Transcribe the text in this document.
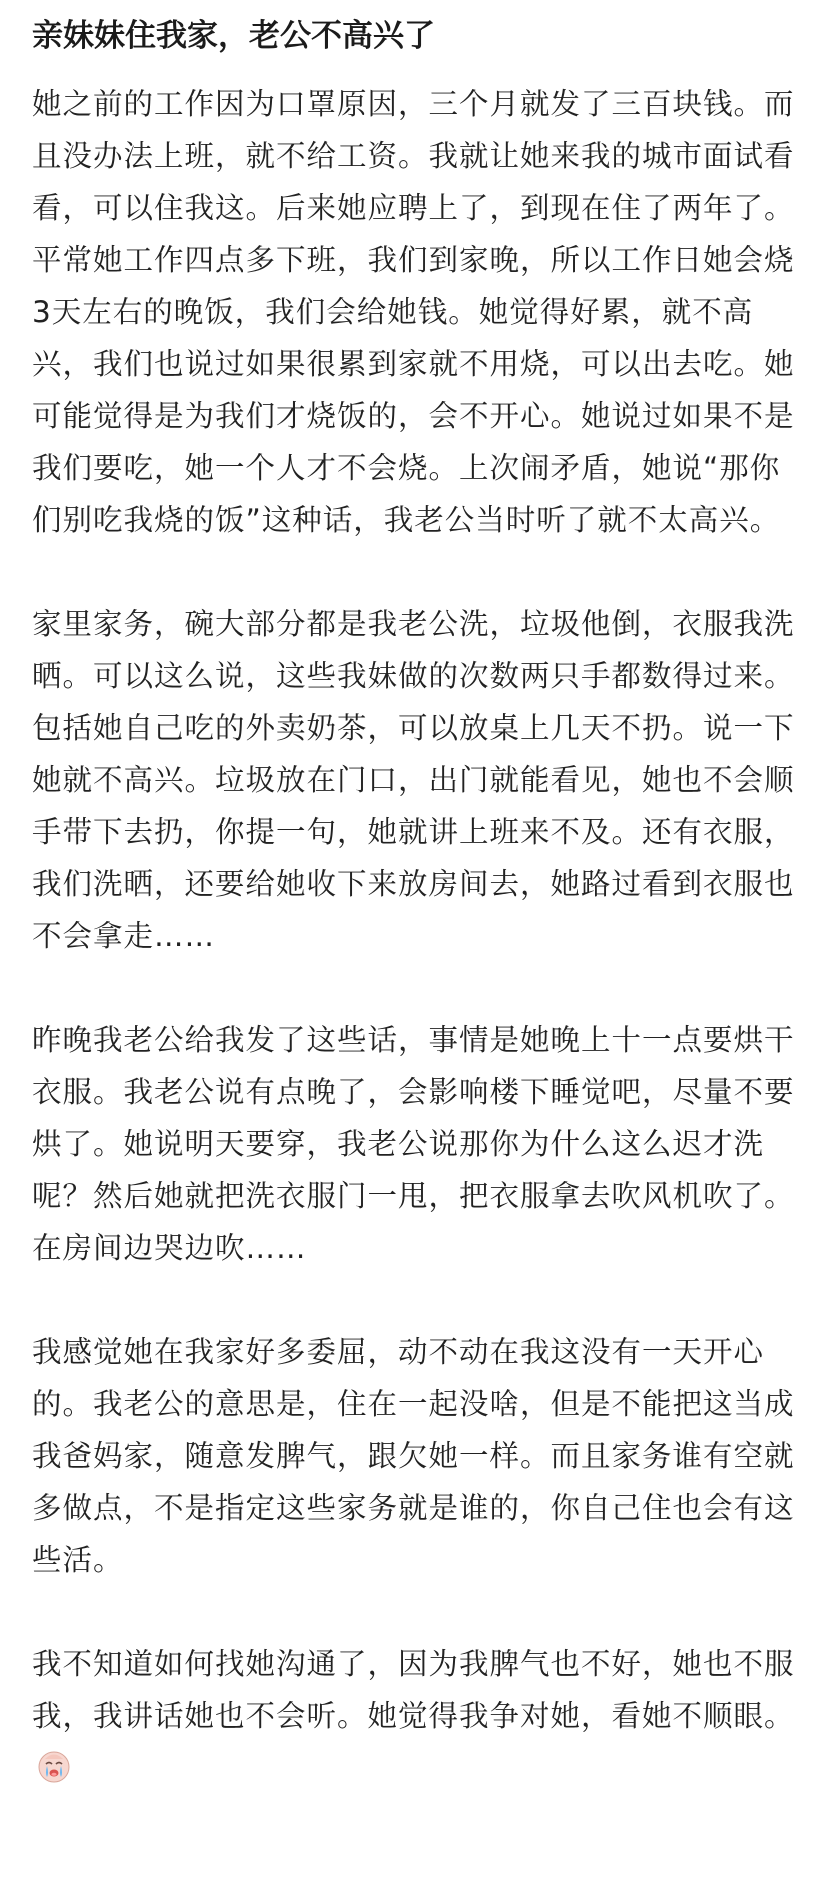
亲妹妹住我家，老公不高兴了

她之前的工作因为口罩原因，三个月就发了三百块钱。而且没办法上班，就不给工资。我就让她来我的城市面试看看，可以住我这。后来她应聘上了，到现在住了两年了。

平常她工作四点多下班，我们到家晚，所以工作日她会烧3天左右的晚饭，我们会给她钱。她觉得好累，就不高兴，我们也说过如果很累到家就不用烧，可以出去吃。她可能觉得是为我们才烧饭的，会不开心。她说过如果不是我们要吃，她一个人才不会烧。上次闹矛盾，她说“那你们别吃我烧的饭”这种话，我老公当时听了就不太高兴。

家里家务，碗大部分都是我老公洗，垃圾他倒，衣服我洗晒。可以这么说，这些我妹做的次数两只手都数得过来。包括她自己吃的外卖奶茶，可以放桌上几天不扔。说一下她就不高兴。垃圾放在门口，出门就能看见，她也不会顺手带下去扔，你提一句，她就讲上班来不及。还有衣服，我们洗晒，还要给她收下来放房间去，她路过看到衣服也不会拿走……

昨晚我老公给我发了这些话，事情是她晚上十一点要烘干衣服。我老公说有点晚了，会影响楼下睡觉吧，尽量不要烘了。她说明天要穿，我老公说那你为什么这么迟才洗呢？然后她就把洗衣服门一甩，把衣服拿去吹风机吹了。在房间边哭边吹……

我感觉她在我家好多委屈，动不动在我这没有一天开心的。我老公的意思是，住在一起没啥，但是不能把这当成我爸妈家，随意发脾气，跟欠她一样。而且家务谁有空就多做点，不是指定这些家务就是谁的，你自己住也会有这些活。

我不知道如何找她沟通了，因为我脾气也不好，她也不服我，我讲话她也不会听。她觉得我争对她，看她不顺眼。
